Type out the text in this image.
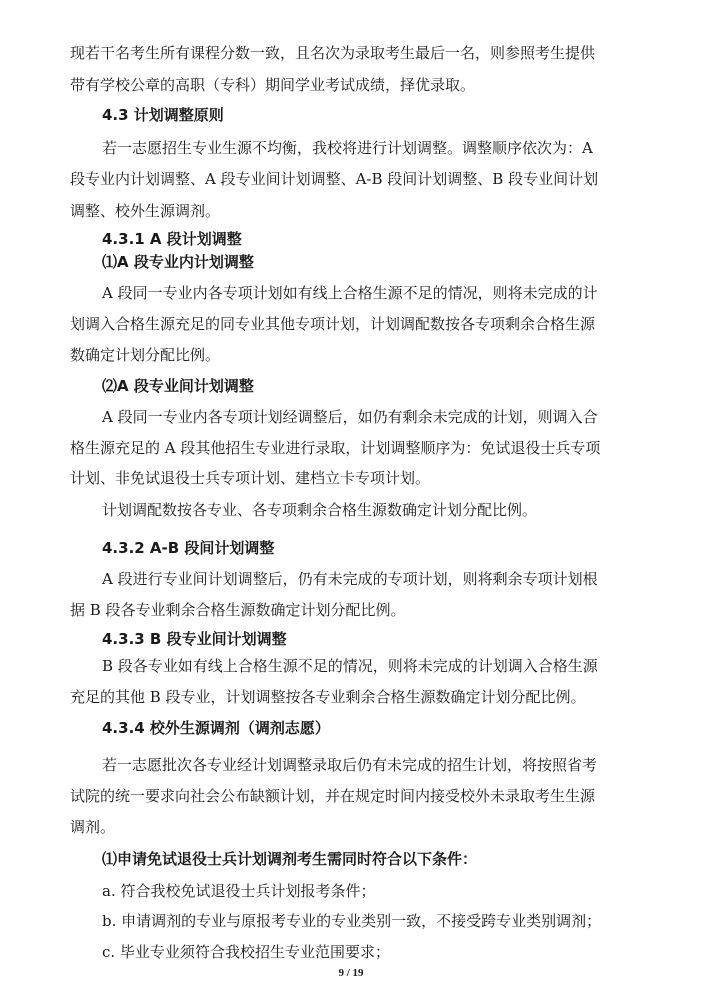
现若干名考生所有课程分数一致，且名次为录取考生最后一名，则参照考生提供
带有学校公章的高职（专科）期间学业考试成绩，择优录取。
4.3 计划调整原则
若一志愿招生专业生源不均衡，我校将进行计划调整。调整顺序依次为：A
段专业内计划调整、A 段专业间计划调整、A-B 段间计划调整、B 段专业间计划
调整、校外生源调剂。
4.3.1 A 段计划调整
⑴A 段专业内计划调整
A 段同一专业内各专项计划如有线上合格生源不足的情况，则将未完成的计
划调入合格生源充足的同专业其他专项计划，计划调配数按各专项剩余合格生源
数确定计划分配比例。
⑵A 段专业间计划调整
A 段同一专业内各专项计划经调整后，如仍有剩余未完成的计划，则调入合
格生源充足的 A 段其他招生专业进行录取，计划调整顺序为：免试退役士兵专项
计划、非免试退役士兵专项计划、建档立卡专项计划。
计划调配数按各专业、各专项剩余合格生源数确定计划分配比例。
4.3.2 A-B 段间计划调整
A 段进行专业间计划调整后，仍有未完成的专项计划，则将剩余专项计划根
据 B 段各专业剩余合格生源数确定计划分配比例。
4.3.3 B 段专业间计划调整
B 段各专业如有线上合格生源不足的情况，则将未完成的计划调入合格生源
充足的其他 B 段专业，计划调整按各专业剩余合格生源数确定计划分配比例。
4.3.4 校外生源调剂（调剂志愿）
若一志愿批次各专业经计划调整录取后仍有未完成的招生计划，将按照省考
试院的统一要求向社会公布缺额计划，并在规定时间内接受校外未录取考生生源
调剂。
⑴申请免试退役士兵计划调剂考生需同时符合以下条件：
a. 符合我校免试退役士兵计划报考条件；
b. 申请调剂的专业与原报考专业的专业类别一致，不接受跨专业类别调剂；
c. 毕业专业须符合我校招生专业范围要求；
9 / 19
